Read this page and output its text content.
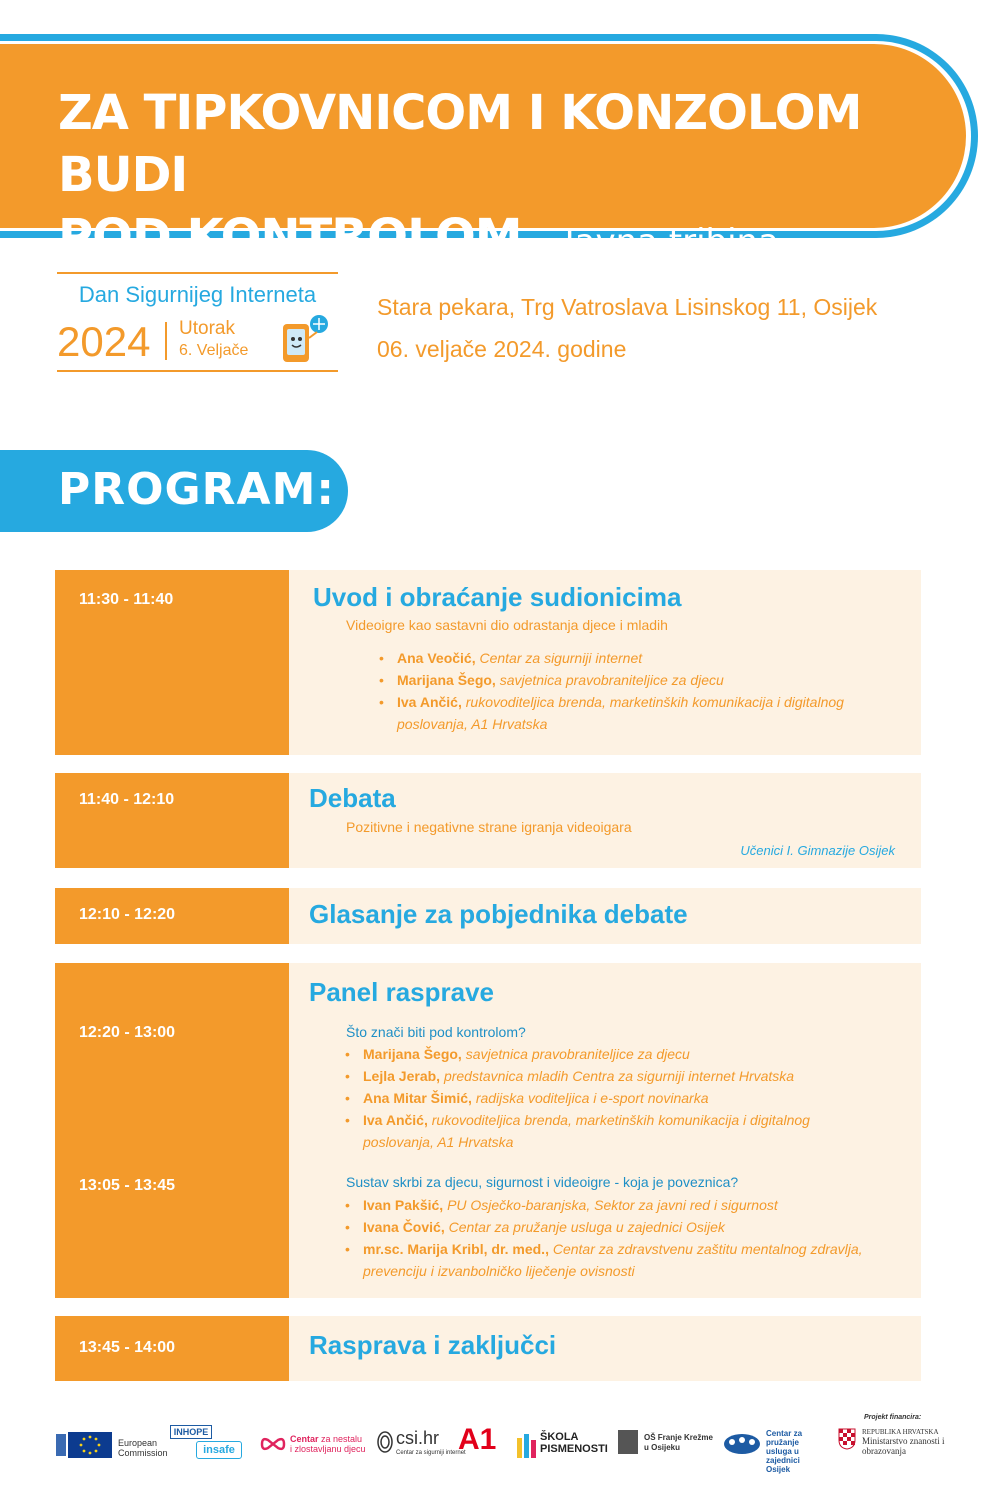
ZA TIPKOVNICOM I KONZOLOM BUDI
POD KONTROLOM - Javna tribina
Dan Sigurnijeg Interneta
2024 Utorak
6. Veljače
Stara pekara, Trg Vatroslava Lisinskog 11, Osijek
06. veljače 2024. godine
PROGRAM:
11:30 - 11:40	Uvod i obraćanje sudionicima
Videoigre kao sastavni dio odrastanja djece i mladih
• Ana Veočić, Centar za sigurniji internet
• Marijana Šego, savjetnica pravobraniteljice za djecu
• Iva Ančić, rukovoditeljica brenda, marketinških komunikacija i digitalnog poslovanja, A1 Hrvatska
11:40 - 12:10	Debata
Pozitivne i negativne strane igranja videoigara
Učenici I. Gimnazije Osijek
12:10 - 12:20	Glasanje za pobjednika debate
Panel rasprave
12:20 - 13:00	Što znači biti pod kontrolom?
• Marijana Šego, savjetnica pravobraniteljice za djecu
• Lejla Jerab, predstavnica mladih Centra za sigurniji internet Hrvatska
• Ana Mitar Šimić, radijska voditeljica i e-sport novinarka
• Iva Ančić, rukovoditeljica brenda, marketinških komunikacija i digitalnog poslovanja, A1 Hrvatska
13:05 - 13:45	Sustav skrbi za djecu, sigurnost i videoigre - koja je poveznica?
• Ivan Pakšić, PU Osječko-baranjska, Sektor za javni red i sigurnost
• Ivana Čović, Centar za pružanje usluga u zajednici Osijek
• mr.sc. Marija Kribl, dr. med., Centar za zdravstvenu zaštitu mentalnog zdravlja, prevenciju i izvanbolničko liječenje ovisnosti
13:45 - 14:00	Rasprava i zaključci
European Commission
INHOPE
insafe
Centar za nestalu
i zlostavljanu djecu
csi.hr
Centar za sigurniji internet
A1	ŠKOLA
PISMENOSTI
OŠ Franje Krežme
u Osijeku
Centar za pružanje
usluga u zajednici
Osijek
Projekt financira:
REPUBLIKA HRVATSKA
Ministarstvo znanosti i
obrazovanja
